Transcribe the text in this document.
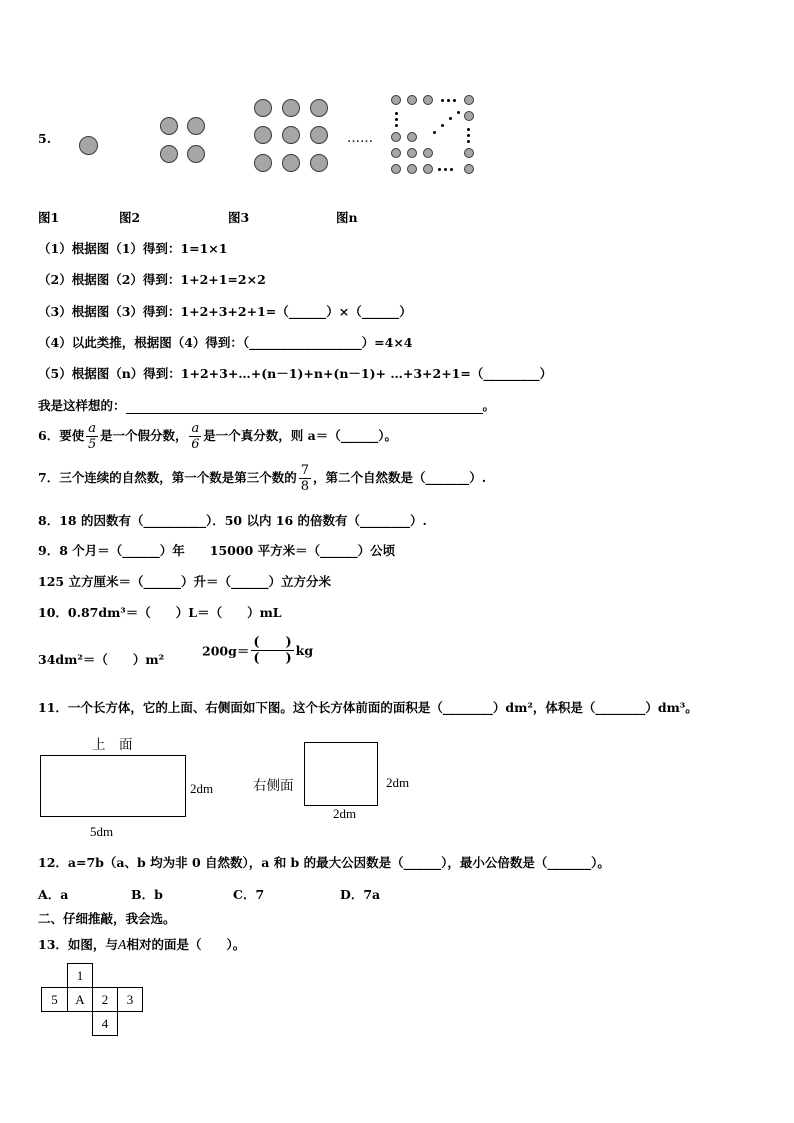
5.	……
图1	图2	图3	图n
（1）根据图（1）得到：1=1×1
（2）根据图（2）得到：1+2+1=2×2
（3）根据图（3）得到：1+2+3+2+1=（______）×（______）
（4）以此类推，根据图（4）得到：（__________________）=4×4
（5）根据图（n）得到：1+2+3+…+(n－1)+n+(n－1)+ …+3+2+1=（_________）
我是这样想的：	。
6．要使 $\frac{a}{5}$ 是一个假分数， $\frac{a}{6}$ 是一个真分数，则 a＝（______）。
7．三个连续的自然数，第一个数是第三个数的 $\frac{7}{8}$ ，第二个自然数是（_______）.
8．18 的因数有（__________）．50 以内 16 的倍数有（________）.
9．8 个月＝（______）年　　15000 平方米＝（______）公顷
125 立方厘米＝（______）升＝（______）立方分米
10．0.87dm³＝（　　）L＝（　　）mL
34dm²＝（　　）m²
$200g= \frac{( )}{( )}$ kg
11．一个长方体，它的上面、右侧面如下图。这个长方体前面的面积是（________）dm²，体积是（________）dm³。
上　面
2dm
5dm
右侧面	2dm
2dm
12．a=7b（a、b 均为非 0 自然数），a 和 b 的最大公因数是（______），最小公倍数是（_______）。
A．a	B．b	C．7	D．7a
二、仔细推敲，我会选。
13．如图，与A相对的面是（　　）。
1
5	A	2	3
4
